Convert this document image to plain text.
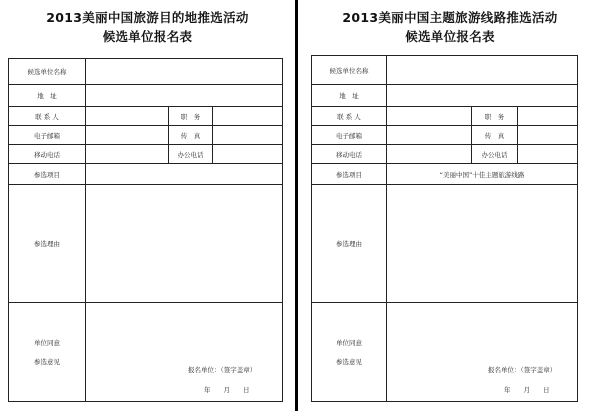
2013美丽中国旅游目的地推选活动
候选单位报名表
候选单位名称
地　址
联 系 人	职　务
电子邮箱	传　真
移动电话	办公电话
参选项目
参选理由
单位同意
参选意见
报名单位：（签字盖章）
年　　月　　日
2013美丽中国主题旅游线路推选活动
候选单位报名表
候选单位名称
地　址
联 系 人	职　务
电子邮箱	传　真
移动电话	办公电话
参选项目	“美丽中国”十佳主题旅游线路
参选理由
单位同意
参选意见
报名单位：（签字盖章）
年　　月　　日
